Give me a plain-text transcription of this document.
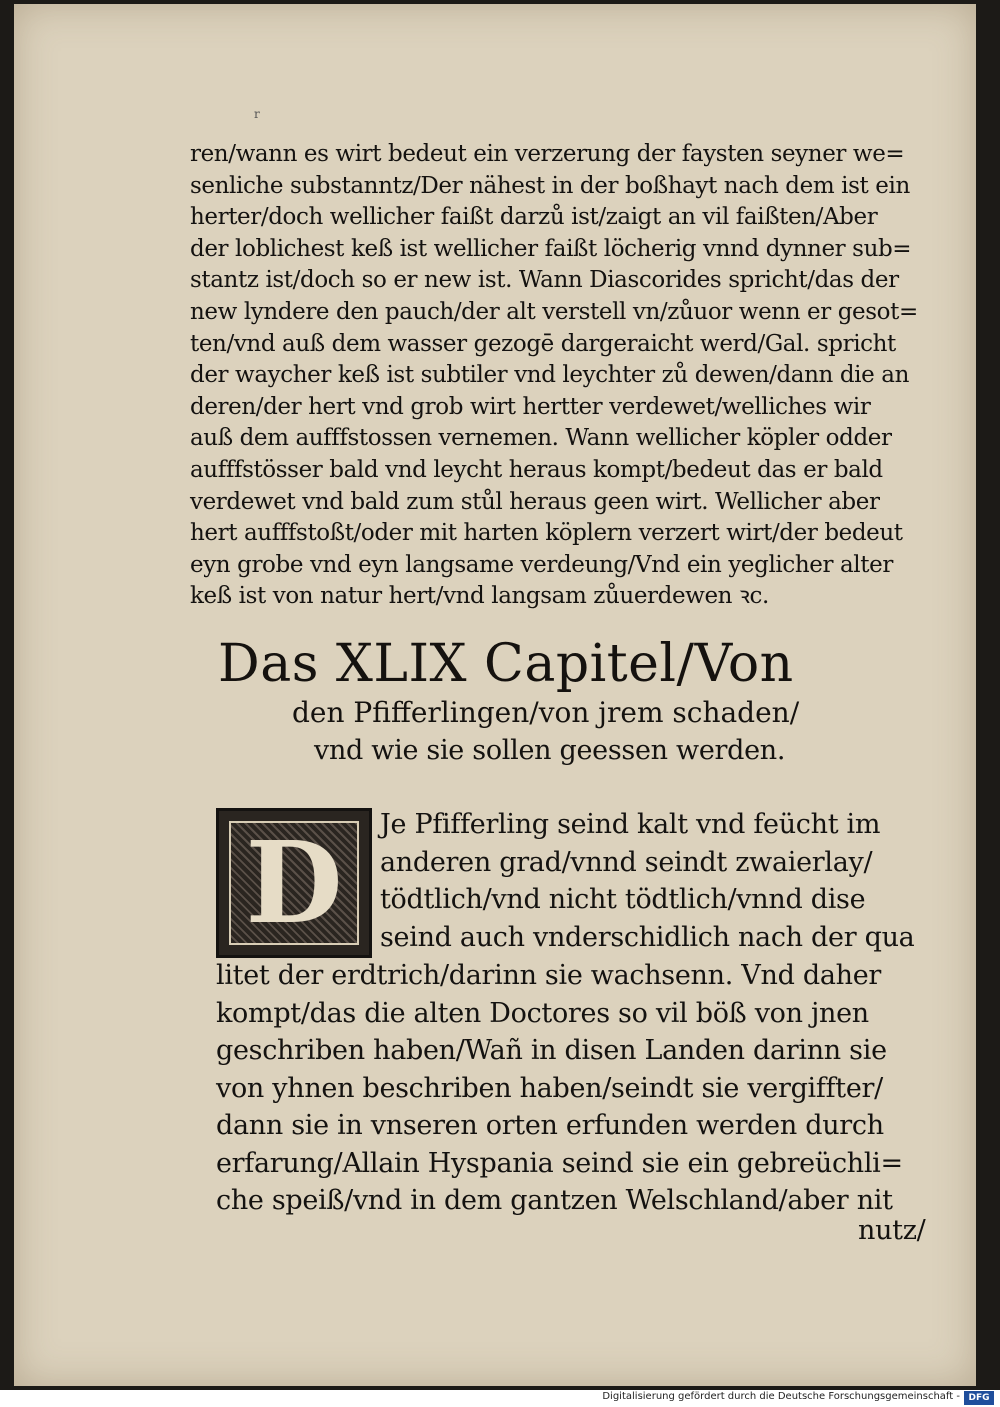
r
ren/wann es wirt bedeut ein verzerung der faysten seyner we=
senliche substanntz/Der nähest in der boßhayt nach dem ist ein
herter/doch wellicher faißt darzů ist/zaigt an vil faißten/Aber
der loblichest keß ist wellicher faißt löcherig vnnd dynner sub=
stantz ist/doch so er new ist. Wann Diascorides spricht/das der
new lyndere den pauch/der alt verstell vn/zůuor wenn er gesot=
ten/vnd auß dem wasser gezogē dargeraicht werd/Gal. spricht
der waycher keß ist subtiler vnd leychter zů dewen/dann die an
deren/der hert vnd grob wirt hertter verdewet/welliches wir
auß dem aufffstossen vernemen. Wann wellicher köpler odder
aufffstösser bald vnd leycht heraus kompt/bedeut das er bald
verdewet vnd bald zum stůl heraus geen wirt. Wellicher aber
hert aufffstoßt/oder mit harten köplern verzert wirt/der bedeut
eyn grobe vnd eyn langsame verdeung/Vnd ein yeglicher alter
keß ist von natur hert/vnd langsam zůuerdewen ꝛc.
Das XLIX Capitel/Von
den Pfifferlingen/von jrem schaden/
vnd wie sie sollen geessen werden.
D	Je Pfifferling seind kalt vnd feücht im
anderen grad/vnnd seindt zwaierlay/
tödtlich/vnd nicht tödtlich/vnnd dise
seind auch vnderschidlich nach der qua
litet der erdtrich/darinn sie wachsenn. Vnd daher
kompt/das die alten Doctores so vil böß von jnen
geschriben haben/Wañ in disen Landen darinn sie
von yhnen beschriben haben/seindt sie vergiffter/
dann sie in vnseren orten erfunden werden durch
erfarung/Allain Hyspania seind sie ein gebreüchli=
che speiß/vnd in dem gantzen Welschland/aber nit
nutz/
Digitalisierung gefördert durch die Deutsche Forschungsgemeinschaft - DFG
